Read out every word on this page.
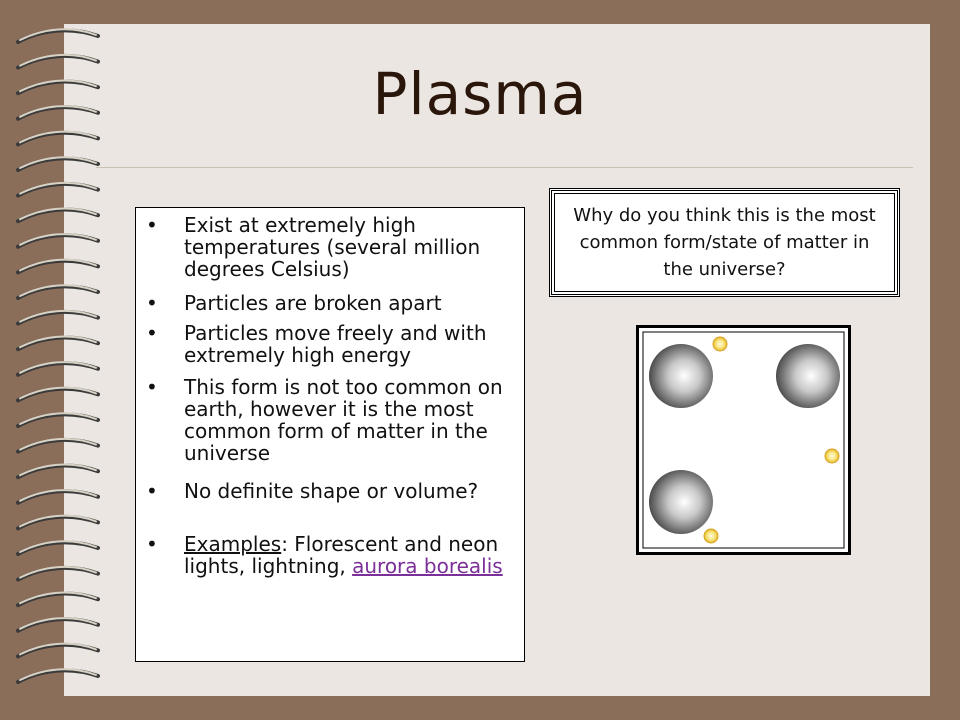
Plasma
•	Exist at extremely high temperatures (several million degrees Celsius)
•	Particles are broken apart
•	Particles move freely and with extremely high energy
•	This form is not too common on earth, however it is the most common form of matter in the universe
•	No definite shape or volume?
•	Examples: Florescent and neon lights, lightning, aurora borealis
Why do you think this is the most common form/state of matter in the universe?
